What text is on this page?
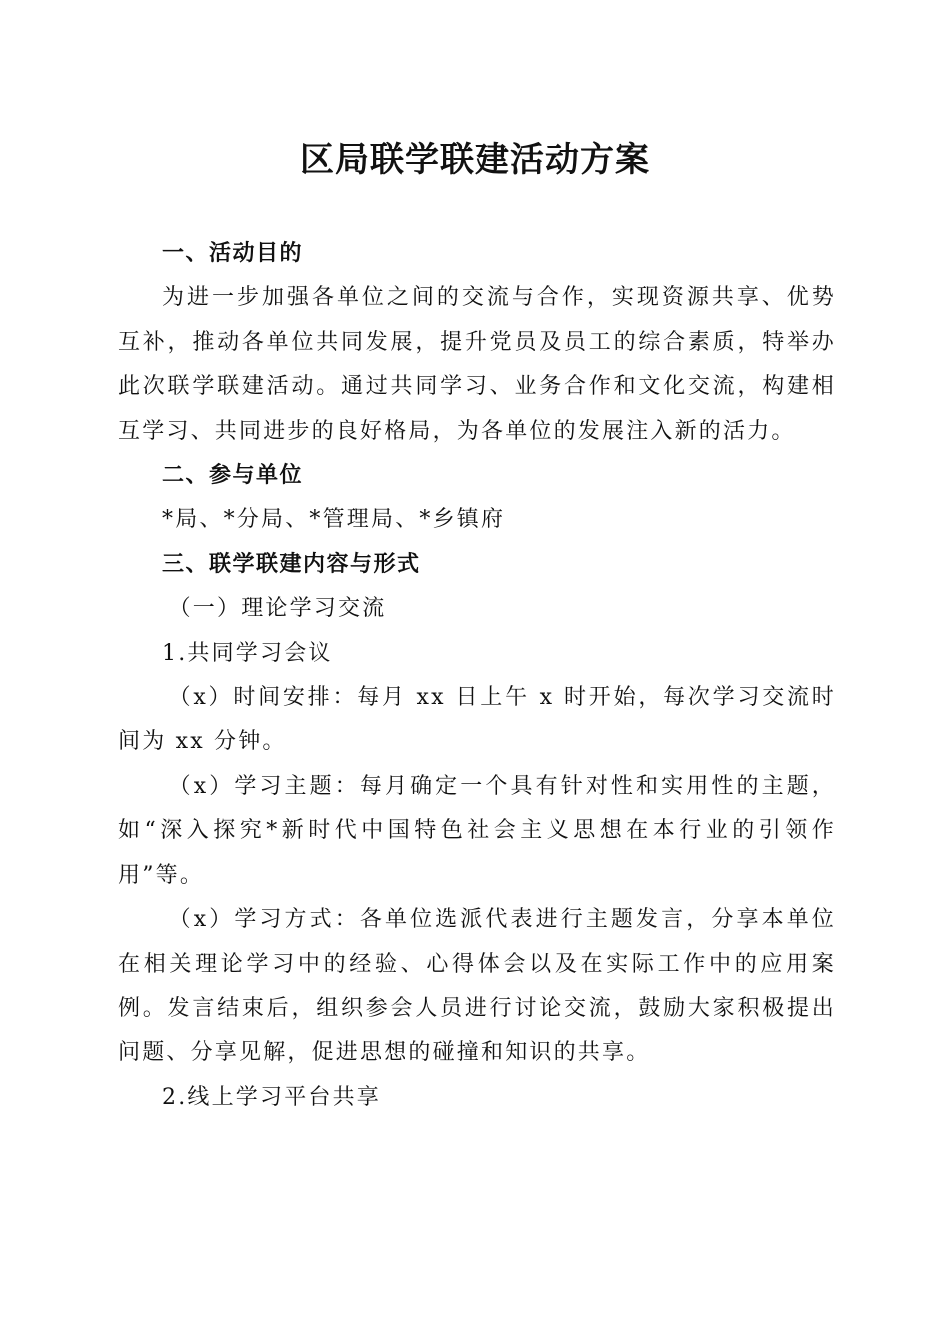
区局联学联建活动方案

一、活动目的

为进一步加强各单位之间的交流与合作，实现资源共享、优势互补，推动各单位共同发展，提升党员及员工的综合素质，特举办此次联学联建活动。通过共同学习、业务合作和文化交流，构建相互学习、共同进步的良好格局，为各单位的发展注入新的活力。

二、参与单位

*局、*分局、*管理局、*乡镇府

三、联学联建内容与形式

（一）理论学习交流

1.共同学习会议

（x）时间安排：每月 xx 日上午 x 时开始，每次学习交流时间为 xx 分钟。

（x）学习主题：每月确定一个具有针对性和实用性的主题，如“深入探究*新时代中国特色社会主义思想在本行业的引领作用”等。

（x）学习方式：各单位选派代表进行主题发言，分享本单位在相关理论学习中的经验、心得体会以及在实际工作中的应用案例。发言结束后，组织参会人员进行讨论交流，鼓励大家积极提出问题、分享见解，促进思想的碰撞和知识的共享。

2.线上学习平台共享
